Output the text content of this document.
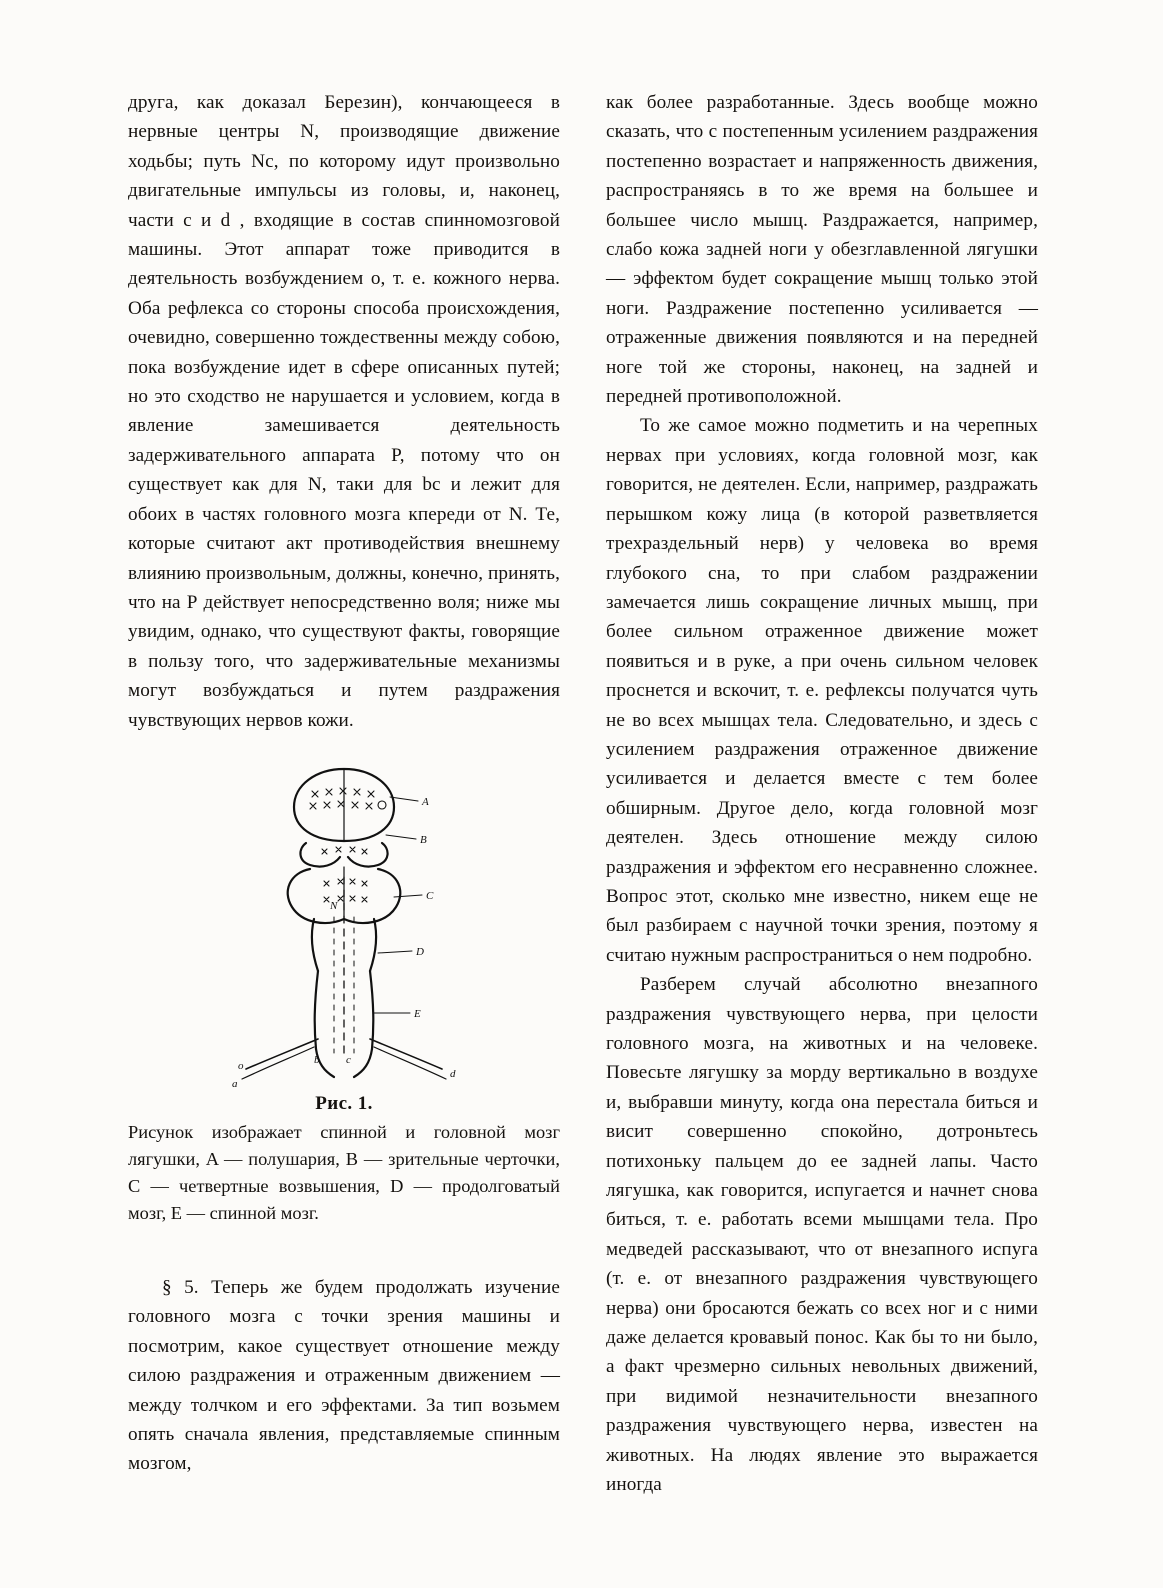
друга, как доказал Березин), кончающееся в нервные центры N, производящие движение ходьбы; путь Nc, по которому идут произвольно двигательные импульсы из головы, и, наконец, части c и d , входящие в состав спинномозговой машины. Этот аппарат тоже приводится в деятельность возбуждением o, т. е. кожного нерва. Оба рефлекса со стороны способа происхождения, очевидно, совершенно тождественны между собою, пока возбуждение идет в сфере описанных путей; но это сходство не нарушается и условием, когда в явление замешивается деятельность задерживательного аппарата P, потому что он существует как для N, таки для bc и лежит для обоих в частях головного мозга кпереди от N. Те, которые считают акт противодействия внешнему влиянию произвольным, должны, конечно, принять, что на Р действует непосредственно воля; ниже мы увидим, однако, что существуют факты, говорящие в пользу того, что задерживательные механизмы могут возбуждаться и путем раздражения чувствующих нервов кожи.

A
B
C
D
E
N
b c
o
a
d
Рис. 1.
Рисунок изображает спинной и головной мозг лягушки, A — полушария, B — зрительные черточки, C — четвертные возвышения, D — продолговатый мозг, E — спинной мозг.

§ 5. Теперь же будем продолжать изучение головного мозга с точки зрения машины и посмотрим, какое существует отношение между силою раздражения и отраженным движением — между толчком и его эффектами. За тип возьмем опять сначала явления, представляемые спинным мозгом,

как более разработанные. Здесь вообще можно сказать, что с постепенным усилением раздражения постепенно возрастает и напряженность движения, распространяясь в то же время на большее и большее число мышц. Раздражается, например, слабо кожа задней ноги у обезглавленной лягушки — эффектом будет сокращение мышц только этой ноги. Раздражение постепенно усиливается — отраженные движения появляются и на передней ноге той же стороны, наконец, на задней и передней противоположной.

То же самое можно подметить и на черепных нервах при условиях, когда головной мозг, как говорится, не деятелен. Если, например, раздражать перышком кожу лица (в которой разветвляется трехраздельный нерв) у человека во время глубокого сна, то при слабом раздражении замечается лишь сокращение личных мышц, при более сильном отраженное движение может появиться и в руке, а при очень сильном человек проснется и вскочит, т. е. рефлексы получатся чуть не во всех мышцах тела. Следовательно, и здесь с усилением раздражения отраженное движение усиливается и делается вместе с тем более обширным. Другое дело, когда головной мозг деятелен. Здесь отношение между силою раздражения и эффектом его несравненно сложнее. Вопрос этот, сколько мне известно, никем еще не был разбираем с научной точки зрения, поэтому я считаю нужным распространиться о нем подробно.

Разберем случай абсолютно внезапного раздражения чувствующего нерва, при целости головного мозга, на животных и на человеке. Повесьте лягушку за морду вертикально в воздухе и, выбравши минуту, когда она перестала биться и висит совершенно спокойно, дотроньтесь потихоньку пальцем до ее задней лапы. Часто лягушка, как говорится, испугается и начнет снова биться, т. е. работать всеми мышцами тела. Про медведей рассказывают, что от внезапного испуга (т. е. от внезапного раздражения чувствующего нерва) они бросаются бежать со всех ног и с ними даже делается кровавый понос. Как бы то ни было, а факт чрезмерно сильных невольных движений, при видимой незначительности внезапного раздражения чувствующего нерва, известен на животных. На людях явление это выражается иногда
